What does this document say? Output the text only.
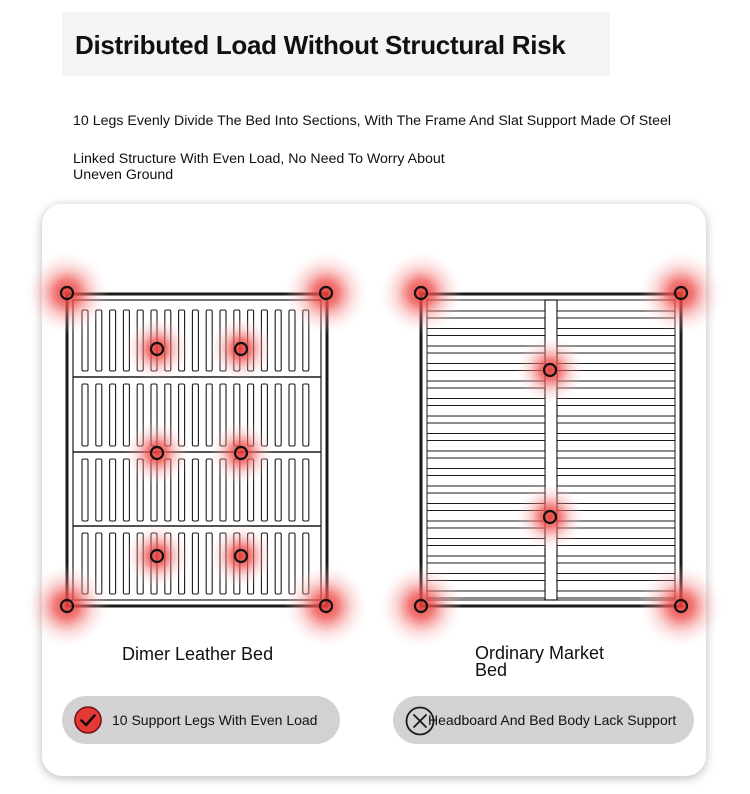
Distributed Load Without Structural Risk
10 Legs Evenly Divide The Bed Into Sections, With The Frame And Slat Support Made Of Steel
Linked Structure With Even Load, No Need To Worry About Uneven Ground
Dimer Leather Bed	Ordinary Market Bed
10 Support Legs With Even Load	Headboard And Bed Body Lack Support
